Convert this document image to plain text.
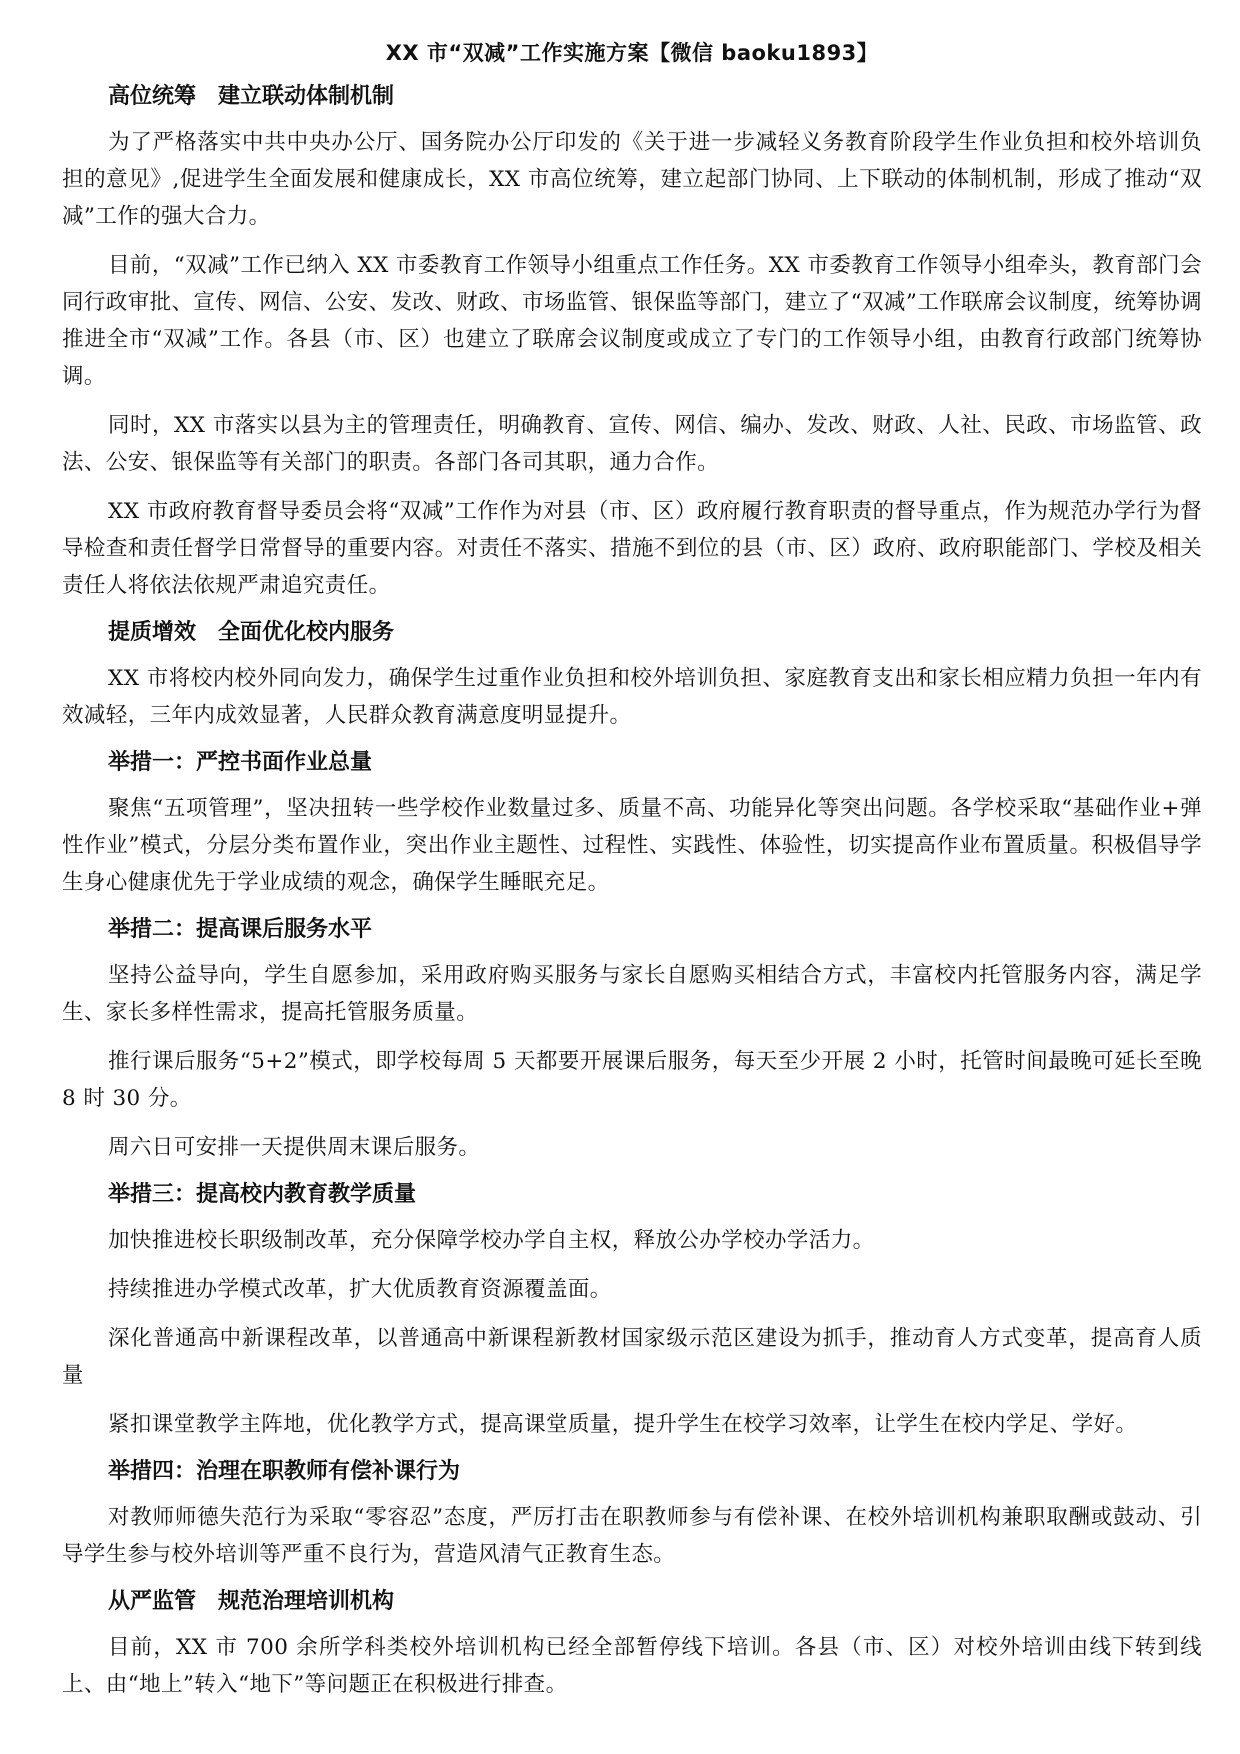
XX 市“双减”工作实施方案【微信 baoku1893】
高位统筹　建立联动体制机制

为了严格落实中共中央办公厅、国务院办公厅印发的《关于进一步减轻义务教育阶段学生作业负担和校外培训负担的意见》,促进学生全面发展和健康成长，XX 市高位统筹，建立起部门协同、上下联动的体制机制，形成了推动“双减”工作的强大合力。

目前，“双减”工作已纳入 XX 市委教育工作领导小组重点工作任务。XX 市委教育工作领导小组牵头，教育部门会同行政审批、宣传、网信、公安、发改、财政、市场监管、银保监等部门，建立了“双减”工作联席会议制度，统筹协调推进全市“双减”工作。各县（市、区）也建立了联席会议制度或成立了专门的工作领导小组，由教育行政部门统筹协调。

同时，XX 市落实以县为主的管理责任，明确教育、宣传、网信、编办、发改、财政、人社、民政、市场监管、政法、公安、银保监等有关部门的职责。各部门各司其职，通力合作。

XX 市政府教育督导委员会将“双减”工作作为对县（市、区）政府履行教育职责的督导重点，作为规范办学行为督导检查和责任督学日常督导的重要内容。对责任不落实、措施不到位的县（市、区）政府、政府职能部门、学校及相关责任人将依法依规严肃追究责任。

提质增效　全面优化校内服务

XX 市将校内校外同向发力，确保学生过重作业负担和校外培训负担、家庭教育支出和家长相应精力负担一年内有效减轻，三年内成效显著，人民群众教育满意度明显提升。

举措一：严控书面作业总量

聚焦“五项管理”，坚决扭转一些学校作业数量过多、质量不高、功能异化等突出问题。各学校采取“基础作业+弹性作业”模式，分层分类布置作业，突出作业主题性、过程性、实践性、体验性，切实提高作业布置质量。积极倡导学生身心健康优先于学业成绩的观念，确保学生睡眠充足。

举措二：提高课后服务水平

坚持公益导向，学生自愿参加，采用政府购买服务与家长自愿购买相结合方式，丰富校内托管服务内容，满足学生、家长多样性需求，提高托管服务质量。

推行课后服务“5+2”模式，即学校每周 5 天都要开展课后服务，每天至少开展 2 小时，托管时间最晚可延长至晚 8 时 30 分。

周六日可安排一天提供周末课后服务。

举措三：提高校内教育教学质量

加快推进校长职级制改革，充分保障学校办学自主权，释放公办学校办学活力。

持续推进办学模式改革，扩大优质教育资源覆盖面。

深化普通高中新课程改革，以普通高中新课程新教材国家级示范区建设为抓手，推动育人方式变革，提高育人质量

紧扣课堂教学主阵地，优化教学方式，提高课堂质量，提升学生在校学习效率，让学生在校内学足、学好。

举措四：治理在职教师有偿补课行为

对教师师德失范行为采取“零容忍”态度，严厉打击在职教师参与有偿补课、在校外培训机构兼职取酬或鼓动、引导学生参与校外培训等严重不良行为，营造风清气正教育生态。

从严监管　规范治理培训机构

目前，XX 市 700 余所学科类校外培训机构已经全部暂停线下培训。各县（市、区）对校外培训由线下转到线上、由“地上”转入“地下”等问题正在积极进行排查。
